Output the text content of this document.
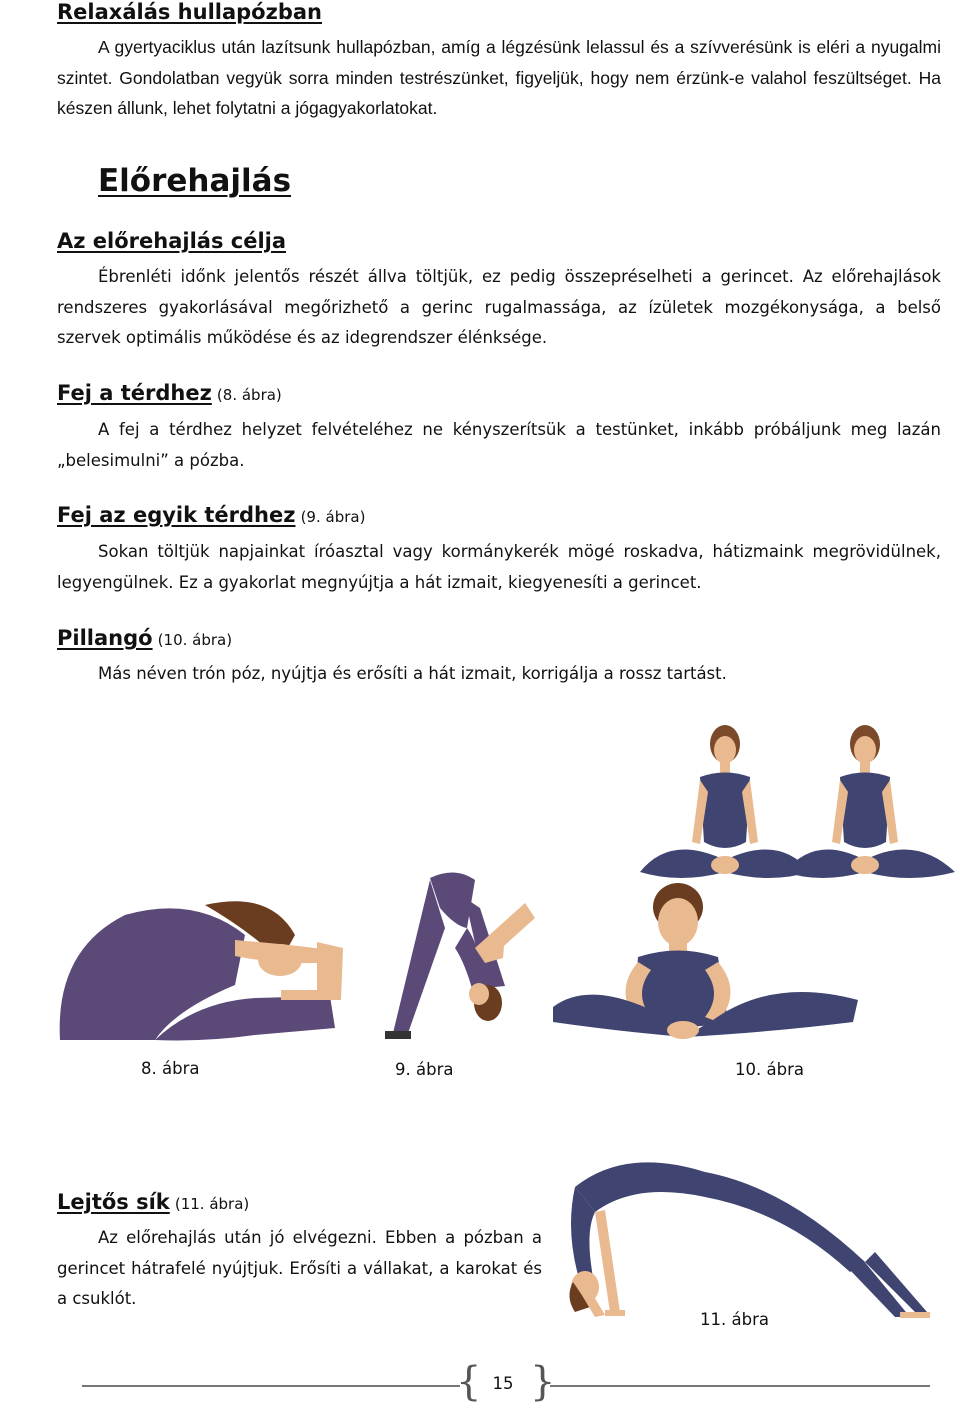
Relaxálás hullapózban
A gyertyaciklus után lazítsunk hullapózban, amíg a légzésünk lelassul és a szívverésünk is eléri a nyugalmi szintet. Gondolatban vegyük sorra minden testrészünket, figyeljük, hogy nem érzünk-e valahol feszültséget. Ha készen állunk, lehet folytatni a jógagyakorlatokat.
Előrehajlás
Az előrehajlás célja
Ébrenléti időnk jelentős részét állva töltjük, ez pedig összepréselheti a gerincet. Az előrehajlások rendszeres gyakorlásával megőrizhető a gerinc rugalmassága, az ízületek mozgékonysága, a belső szervek optimális működése és az idegrendszer élénksége.
Fej a térdhez (8. ábra)
A fej a térdhez helyzet felvételéhez ne kényszerítsük a testünket, inkább próbáljunk meg lazán „belesimulni” a pózba.
Fej az egyik térdhez (9. ábra)
Sokan töltjük napjainkat íróasztal vagy kormánykerék mögé roskadva, hátizmaink megrövidülnek, legyengülnek. Ez a gyakorlat megnyújtja a hát izmait, kiegyenesíti a gerincet.
Pillangó (10. ábra)
Más néven trón póz, nyújtja és erősíti a hát izmait, korrigálja a rossz tartást.
8. ábra	9. ábra	10. ábra
Lejtős sík (11. ábra)
Az előrehajlás után jó elvégezni. Ebben a pózban a gerincet hátrafelé nyújtjuk. Erősíti a vállakat, a karokat és a csuklót.
11. ábra
{ }
15
